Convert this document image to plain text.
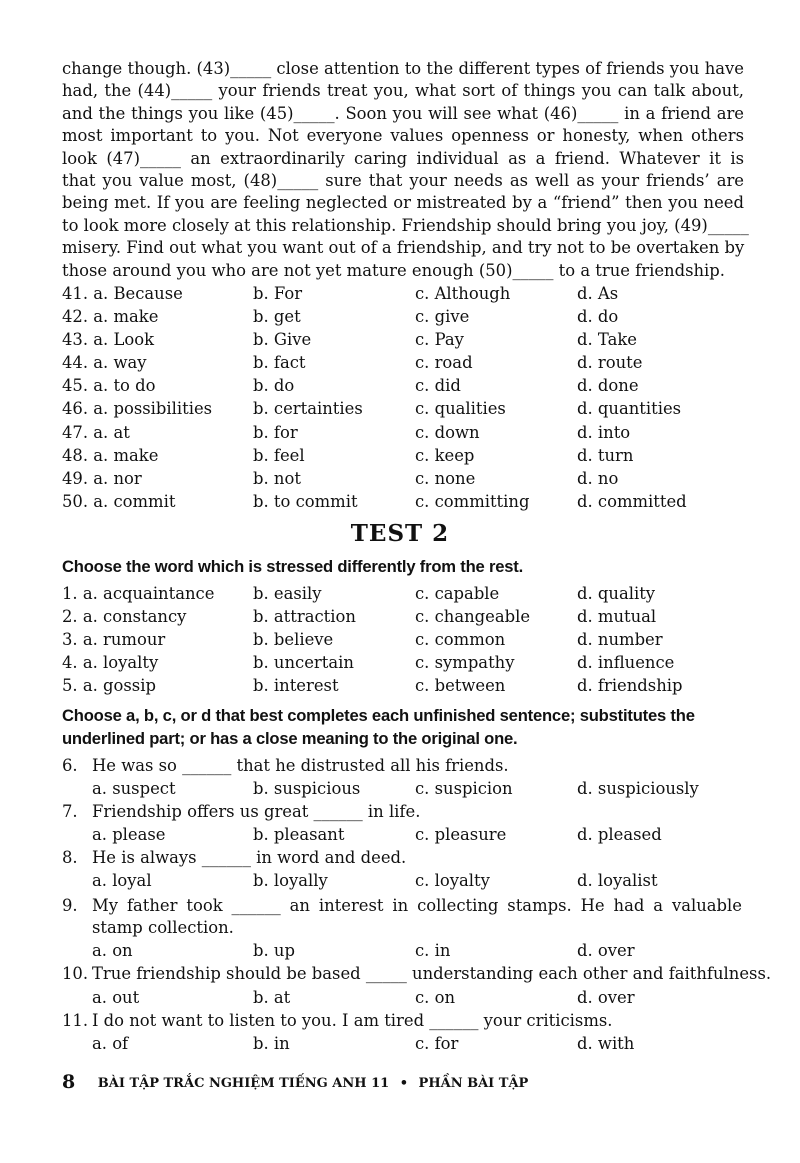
change though. (43)_____ close attention to the different types of friends you have
had, the (44)_____ your friends treat you, what sort of things you can talk about,
and the things you like (45)_____. Soon you will see what (46)_____ in a friend are
most important to you. Not everyone values openness or honesty, when others
look (47)_____ an extraordinarily caring individual as a friend. Whatever it is
that you value most, (48)_____ sure that your needs as well as your friends’ are
being met. If you are feeling neglected or mistreated by a “friend” then you need
to look more closely at this relationship. Friendship should bring you joy, (49)_____
misery. Find out what you want out of a friendship, and try not to be overtaken by
those around you who are not yet mature enough (50)_____ to a true friendship.
41. a. Because	b. For	c. Although	d. As
42. a. make	b. get	c. give	d. do
43. a. Look	b. Give	c. Pay	d. Take
44. a. way	b. fact	c. road	d. route
45. a. to do	b. do	c. did	d. done
46. a. possibilities b. certainties	c. qualities	d. quantities
47. a. at	b. for	c. down	d. into
48. a. make	b. feel	c. keep	d. turn
49. a. nor	b. not	c. none	d. no
50. a. commit	b. to commit	c. committing	d. committed
TEST 2
Choose the word which is stressed differently from the rest.
1. a. acquaintance b. easily	c. capable	d. quality
2. a. constancy	b. attraction	c. changeable	d. mutual
3. a. rumour	b. believe	c. common	d. number
4. a. loyalty	b. uncertain	c. sympathy	d. influence
5. a. gossip	b. interest	c. between	d. friendship
Choose a, b, c, or d that best completes each unfinished sentence; substitutes the underlined part; or has a close meaning to the original one.
6. He was so ______ that he distrusted all his friends.
a. suspect	b. suspicious	c. suspicion	d. suspiciously
7. Friendship offers us great ______ in life.
a. please	b. pleasant	c. pleasure	d. pleased
8. He is always ______ in word and deed.
a. loyal	b. loyally	c. loyalty	d. loyalist
9. My father took ______ an interest in collecting stamps. He had a valuable
stamp collection.
a. on	b. up	c. in	d. over
10. True friendship should be based _____ understanding each other and faithfulness.
a. out	b. at	c. on	d. over
11. I do not want to listen to you. I am tired ______ your criticisms.
a. of	b. in	c. for	d. with
8 BÀI TẬP TRẮC NGHIỆM TIẾNG ANH 11 • PHẦN BÀI TẬP
